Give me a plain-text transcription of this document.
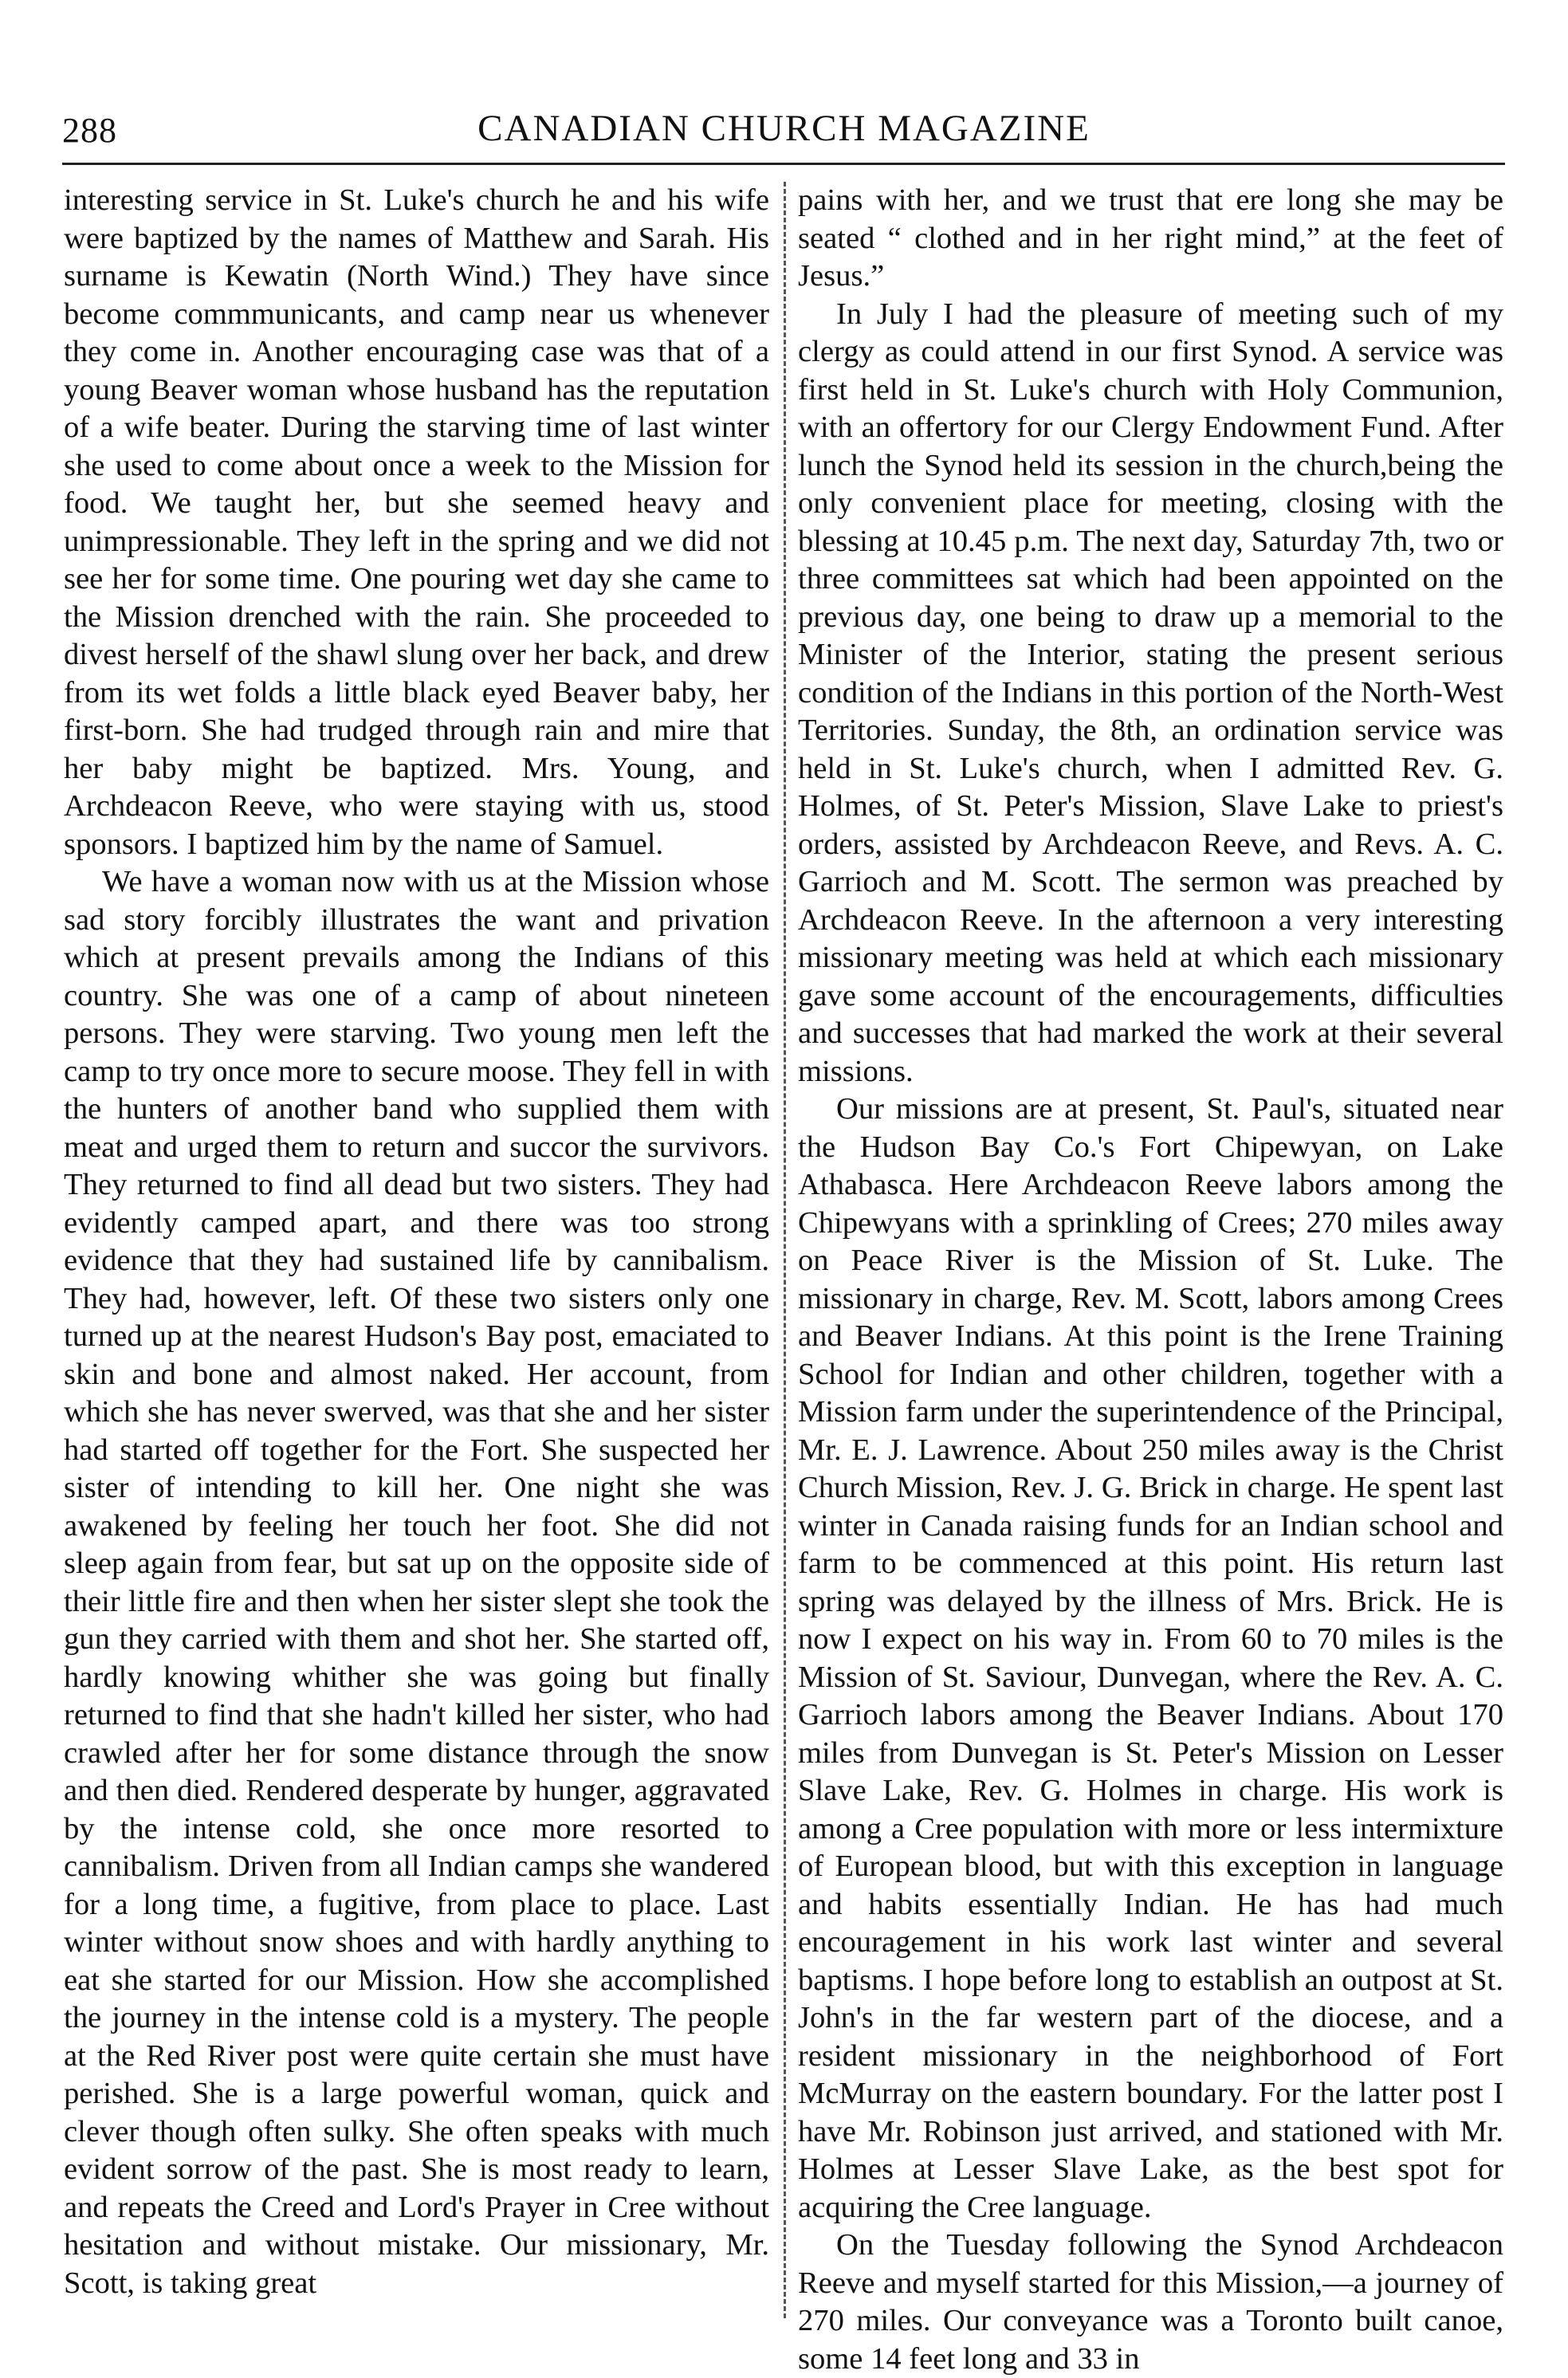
288	CANADIAN CHURCH MAGAZINE

interesting service in St. Luke's church he and his wife were baptized by the names of Matthew and Sarah. His surname is Kewatin (North Wind.) They have since become commmunicants, and camp near us whenever they come in. Another encouraging case was that of a young Beaver woman whose husband has the reputation of a wife beater. During the starving time of last winter she used to come about once a week to the Mission for food. We taught her, but she seemed heavy and unimpressionable. They left in the spring and we did not see her for some time. One pouring wet day she came to the Mission drenched with the rain. She proceeded to divest herself of the shawl slung over her back, and drew from its wet folds a little black eyed Beaver baby, her first-born. She had trudged through rain and mire that her baby might be baptized. Mrs. Young, and Archdeacon Reeve, who were staying with us, stood sponsors. I baptized him by the name of Samuel.

We have a woman now with us at the Mission whose sad story forcibly illustrates the want and privation which at present prevails among the Indians of this country. She was one of a camp of about nineteen persons. They were starving. Two young men left the camp to try once more to secure moose. They fell in with the hunters of another band who supplied them with meat and urged them to return and succor the survivors. They returned to find all dead but two sisters. They had evidently camped apart, and there was too strong evidence that they had sustained life by cannibalism. They had, however, left. Of these two sisters only one turned up at the nearest Hudson's Bay post, emaciated to skin and bone and almost naked. Her account, from which she has never swerved, was that she and her sister had started off together for the Fort. She suspected her sister of intending to kill her. One night she was awakened by feeling her touch her foot. She did not sleep again from fear, but sat up on the opposite side of their little fire and then when her sister slept she took the gun they carried with them and shot her. She started off, hardly knowing whither she was going but finally returned to find that she hadn't killed her sister, who had crawled after her for some distance through the snow and then died. Rendered desperate by hunger, aggravated by the intense cold, she once more resorted to cannibalism. Driven from all Indian camps she wandered for a long time, a fugitive, from place to place. Last winter without snow shoes and with hardly anything to eat she started for our Mission. How she accomplished the journey in the intense cold is a mystery. The people at the Red River post were quite certain she must have perished. She is a large powerful woman, quick and clever though often sulky. She often speaks with much evident sorrow of the past. She is most ready to learn, and repeats the Creed and Lord's Prayer in Cree without hesitation and without mistake. Our missionary, Mr. Scott, is taking great

pains with her, and we trust that ere long she may be seated “ clothed and in her right mind,” at the feet of Jesus.”

In July I had the pleasure of meeting such of my clergy as could attend in our first Synod. A service was first held in St. Luke's church with Holy Communion, with an offertory for our Clergy Endowment Fund. After lunch the Synod held its session in the church,being the only convenient place for meeting, closing with the blessing at 10.45 p.m. The next day, Saturday 7th, two or three committees sat which had been appointed on the previous day, one being to draw up a memorial to the Minister of the Interior, stating the present serious condition of the Indians in this portion of the North-West Territories. Sunday, the 8th, an ordination service was held in St. Luke's church, when I admitted Rev. G. Holmes, of St. Peter's Mission, Slave Lake to priest's orders, assisted by Archdeacon Reeve, and Revs. A. C. Garrioch and M. Scott. The sermon was preached by Archdeacon Reeve. In the afternoon a very interesting missionary meeting was held at which each missionary gave some account of the encouragements, difficulties and successes that had marked the work at their several missions.

Our missions are at present, St. Paul's, situated near the Hudson Bay Co.'s Fort Chipewyan, on Lake Athabasca. Here Archdeacon Reeve labors among the Chipewyans with a sprinkling of Crees; 270 miles away on Peace River is the Mission of St. Luke. The missionary in charge, Rev. M. Scott, labors among Crees and Beaver Indians. At this point is the Irene Training School for Indian and other children, together with a Mission farm under the superintendence of the Principal, Mr. E. J. Lawrence. About 250 miles away is the Christ Church Mission, Rev. J. G. Brick in charge. He spent last winter in Canada raising funds for an Indian school and farm to be commenced at this point. His return last spring was delayed by the illness of Mrs. Brick. He is now I expect on his way in. From 60 to 70 miles is the Mission of St. Saviour, Dunvegan, where the Rev. A. C. Garrioch labors among the Beaver Indians. About 170 miles from Dunvegan is St. Peter's Mission on Lesser Slave Lake, Rev. G. Holmes in charge. His work is among a Cree population with more or less intermixture of European blood, but with this exception in language and habits essentially Indian. He has had much encouragement in his work last winter and several baptisms. I hope before long to establish an outpost at St. John's in the far western part of the diocese, and a resident missionary in the neighborhood of Fort McMurray on the eastern boundary. For the latter post I have Mr. Robinson just arrived, and stationed with Mr. Holmes at Lesser Slave Lake, as the best spot for acquiring the Cree language.

On the Tuesday following the Synod Archdeacon Reeve and myself started for this Mission,—a journey of 270 miles. Our conveyance was a Toronto built canoe, some 14 feet long and 33 in
